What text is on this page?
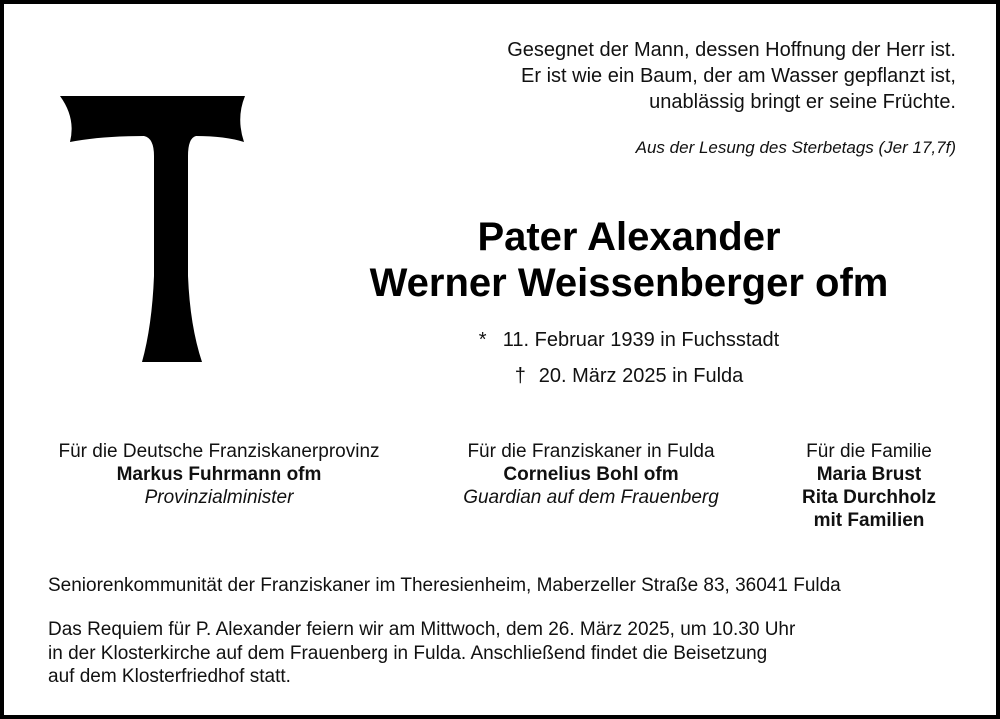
Gesegnet der Mann, dessen Hoffnung der Herr ist.
Er ist wie ein Baum, der am Wasser gepflanzt ist,
unablässig bringt er seine Früchte.
Aus der Lesung des Sterbetags (Jer 17,7f)
Pater Alexander
Werner Weissenberger ofm
* 11. Februar 1939 in Fuchsstadt
† 20. März 2025 in Fulda
Für die Deutsche Franziskanerprovinz
Markus Fuhrmann ofm
Provinzialminister
Für die Franziskaner in Fulda
Cornelius Bohl ofm
Guardian auf dem Frauenberg
Für die Familie
Maria Brust
Rita Durchholz
mit Familien
Seniorenkommunität der Franziskaner im Theresienheim, Maberzeller Straße 83, 36041 Fulda
Das Requiem für P. Alexander feiern wir am Mittwoch, dem 26. März 2025, um 10.30 Uhr
in der Klosterkirche auf dem Frauenberg in Fulda. Anschließend findet die Beisetzung
auf dem Klosterfriedhof statt.
